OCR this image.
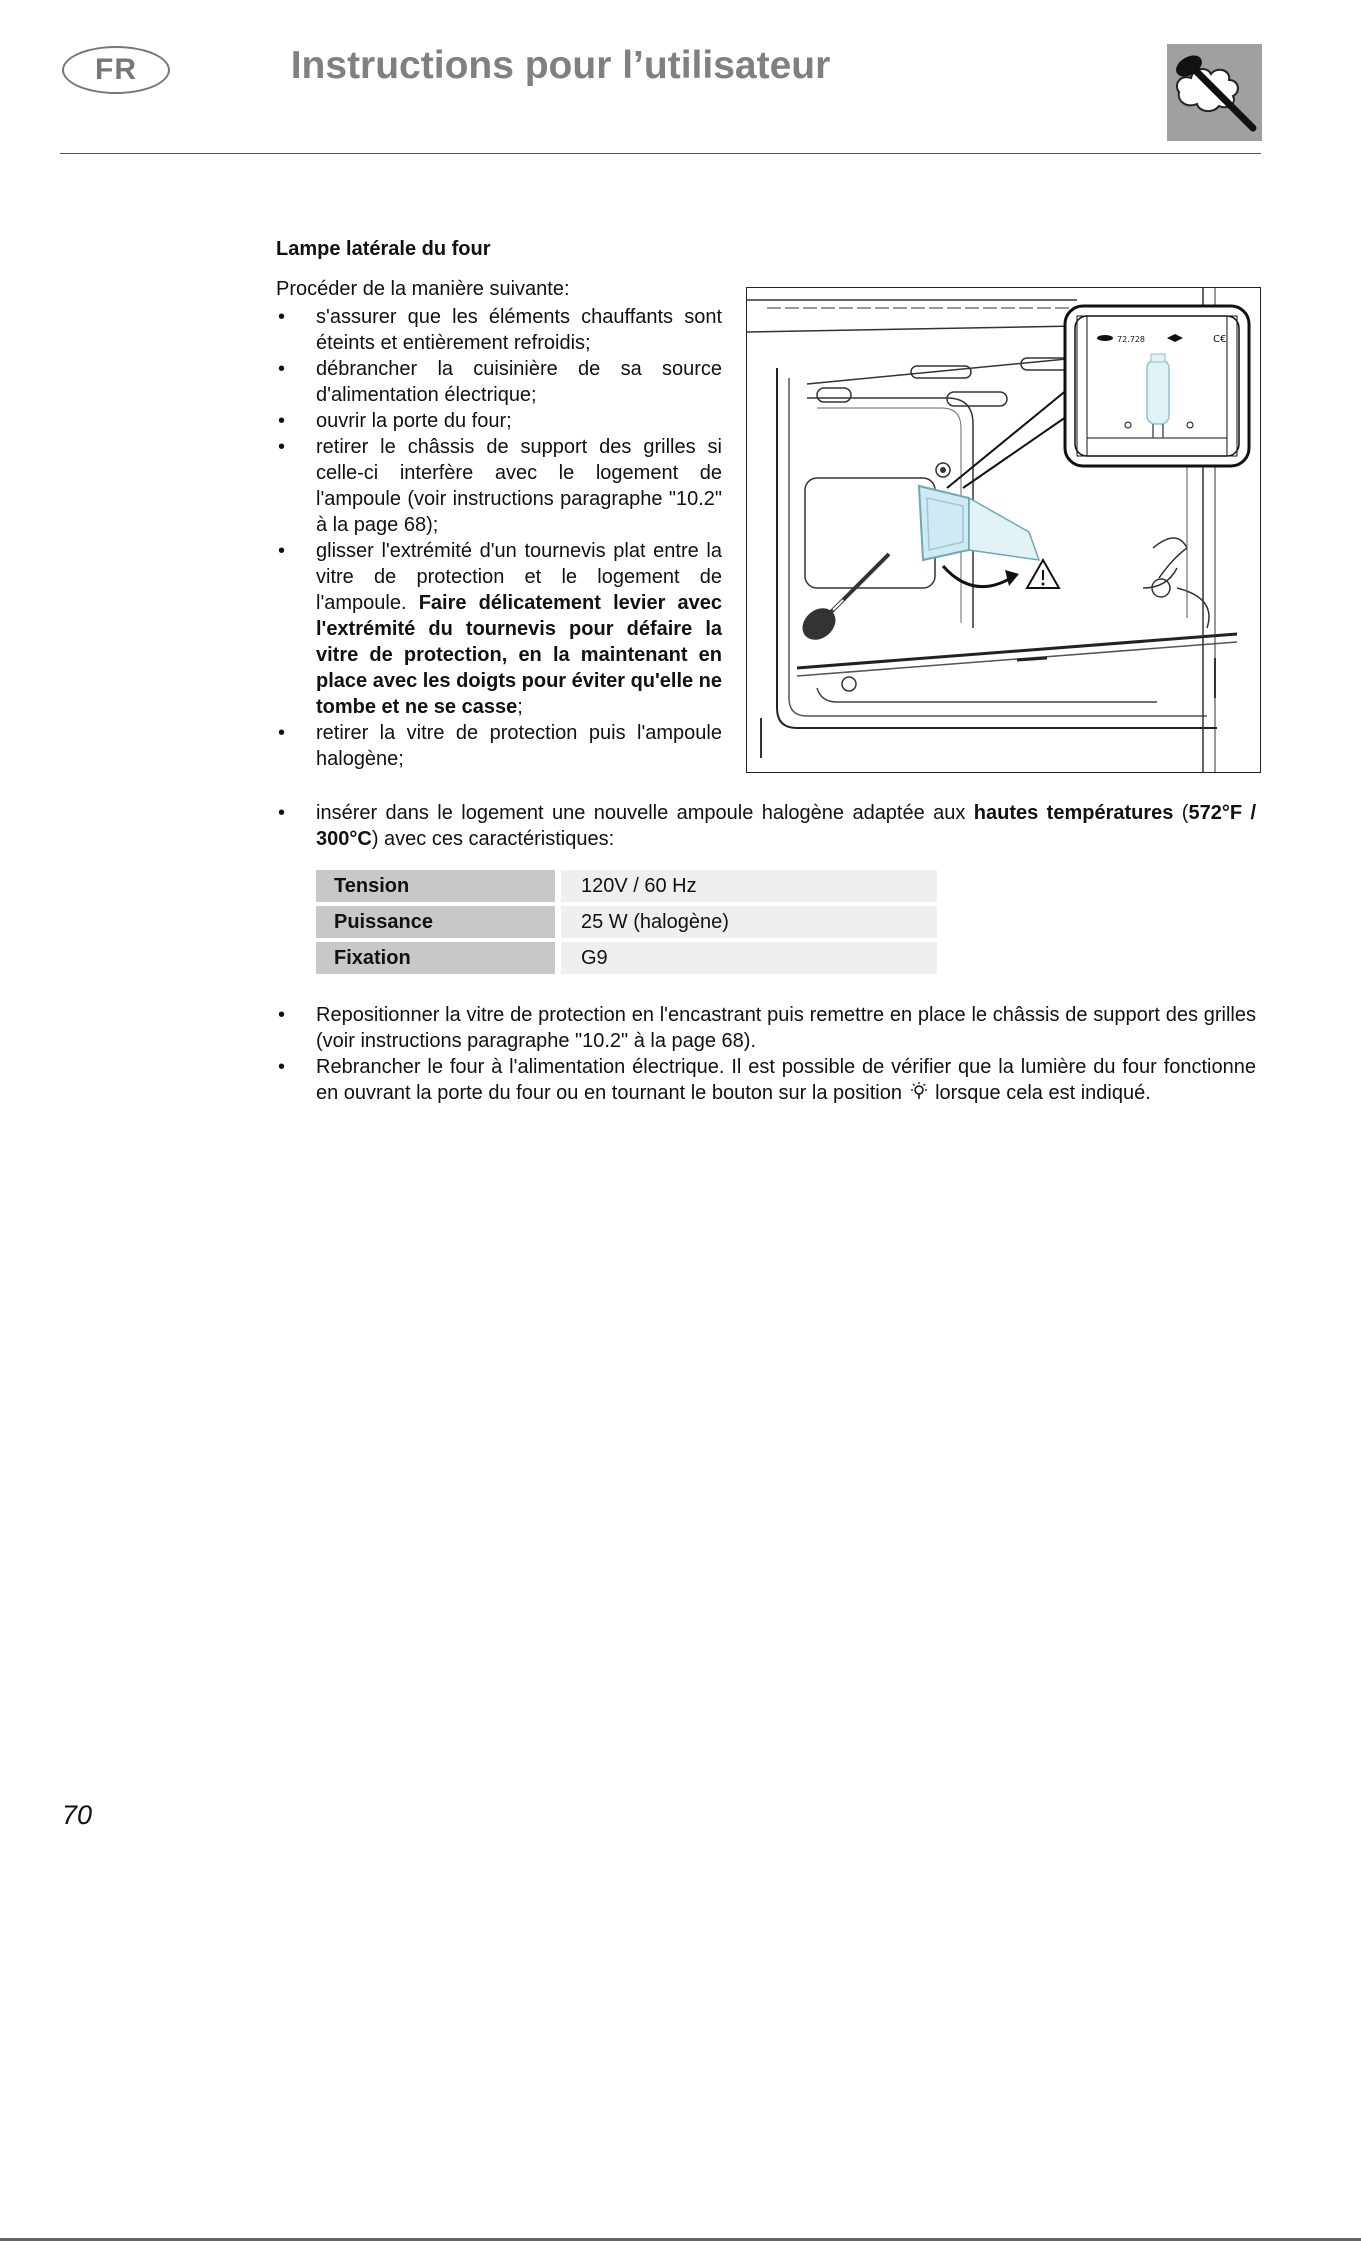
FR	Instructions pour l’utilisateur
Lampe latérale du four
Procéder de la manière suivante:
• s'assurer que les éléments chauffants sont éteints et entièrement refroidis;
• débrancher la cuisinière de sa source d'alimentation électrique;
• ouvrir la porte du four;
• retirer le châssis de support des grilles si celle-ci interfère avec le logement de l'ampoule (voir instructions paragraphe "10.2" à la page 68);
• glisser l'extrémité d'un tournevis plat entre la vitre de protection et le logement de l'ampoule. Faire délicatement levier avec l'extrémité du tournevis pour défaire la vitre de protection, en la maintenant en place avec les doigts pour éviter qu'elle ne tombe et ne se casse;
• retirer la vitre de protection puis l'ampoule halogène;
72.728	C€
• insérer dans le logement une nouvelle ampoule halogène adaptée aux hautes températures (572°F / 300°C) avec ces caractéristiques:
Tension		120V / 60 Hz
Puissance		25 W (halogène)
Fixation		G9
• Repositionner la vitre de protection en l'encastrant puis remettre en place le châssis de support des grilles (voir instructions paragraphe "10.2" à la page 68).
• Rebrancher le four à l'alimentation électrique. Il est possible de vérifier que la lumière du four fonctionne en ouvrant la porte du four ou en tournant le bouton sur la position  lorsque cela est indiqué.
70
